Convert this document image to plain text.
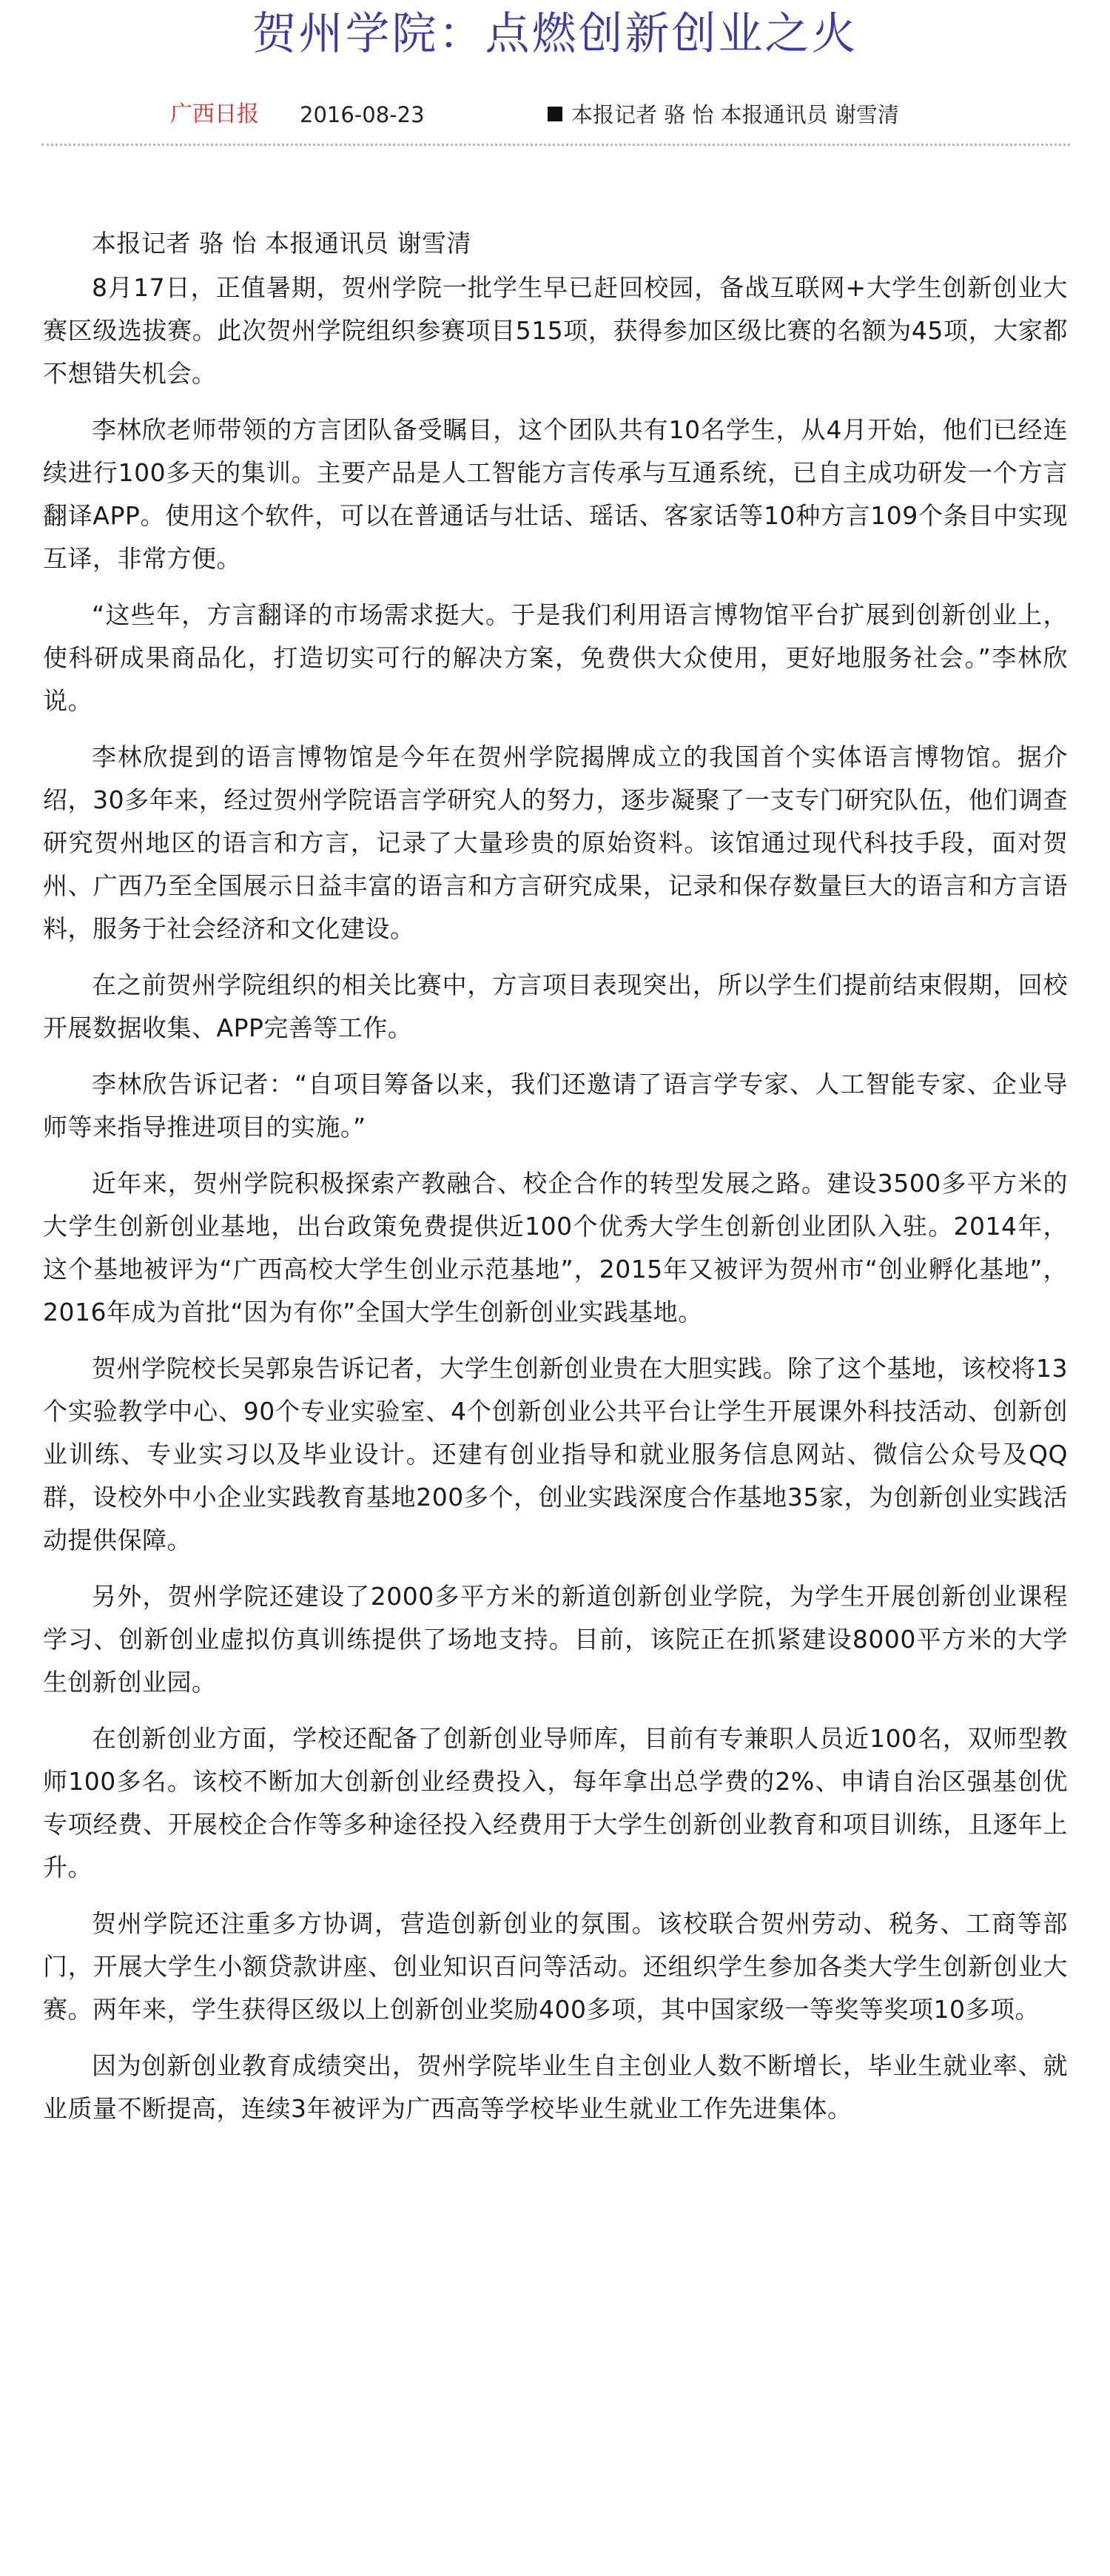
贺州学院：点燃创新创业之火
广西日报 2016-08-23	本报记者 骆 怡 本报通讯员 谢雪清

本报记者 骆 怡 本报通讯员 谢雪清

8月17日，正值暑期，贺州学院一批学生早已赶回校园，备战互联网+大学生创新创业大赛区级选拔赛。此次贺州学院组织参赛项目515项，获得参加区级比赛的名额为45项，大家都不想错失机会。

李林欣老师带领的方言团队备受瞩目，这个团队共有10名学生，从4月开始，他们已经连续进行100多天的集训。主要产品是人工智能方言传承与互通系统，已自主成功研发一个方言翻译APP。使用这个软件，可以在普通话与壮话、瑶话、客家话等10种方言109个条目中实现互译，非常方便。

“这些年，方言翻译的市场需求挺大。于是我们利用语言博物馆平台扩展到创新创业上，使科研成果商品化，打造切实可行的解决方案，免费供大众使用，更好地服务社会。”李林欣说。

李林欣提到的语言博物馆是今年在贺州学院揭牌成立的我国首个实体语言博物馆。据介绍，30多年来，经过贺州学院语言学研究人的努力，逐步凝聚了一支专门研究队伍，他们调查研究贺州地区的语言和方言，记录了大量珍贵的原始资料。该馆通过现代科技手段，面对贺州、广西乃至全国展示日益丰富的语言和方言研究成果，记录和保存数量巨大的语言和方言语料，服务于社会经济和文化建设。

在之前贺州学院组织的相关比赛中，方言项目表现突出，所以学生们提前结束假期，回校开展数据收集、APP完善等工作。

李林欣告诉记者：“自项目筹备以来，我们还邀请了语言学专家、人工智能专家、企业导师等来指导推进项目的实施。”

近年来，贺州学院积极探索产教融合、校企合作的转型发展之路。建设3500多平方米的大学生创新创业基地，出台政策免费提供近100个优秀大学生创新创业团队入驻。2014年，这个基地被评为“广西高校大学生创业示范基地”，2015年又被评为贺州市“创业孵化基地”，2016年成为首批“因为有你”全国大学生创新创业实践基地。

贺州学院校长吴郭泉告诉记者，大学生创新创业贵在大胆实践。除了这个基地，该校将13个实验教学中心、90个专业实验室、4个创新创业公共平台让学生开展课外科技活动、创新创业训练、专业实习以及毕业设计。还建有创业指导和就业服务信息网站、微信公众号及QQ群，设校外中小企业实践教育基地200多个，创业实践深度合作基地35家，为创新创业实践活动提供保障。

另外，贺州学院还建设了2000多平方米的新道创新创业学院，为学生开展创新创业课程学习、创新创业虚拟仿真训练提供了场地支持。目前，该院正在抓紧建设8000平方米的大学生创新创业园。

在创新创业方面，学校还配备了创新创业导师库，目前有专兼职人员近100名，双师型教师100多名。该校不断加大创新创业经费投入，每年拿出总学费的2%、申请自治区强基创优专项经费、开展校企合作等多种途径投入经费用于大学生创新创业教育和项目训练，且逐年上升。

贺州学院还注重多方协调，营造创新创业的氛围。该校联合贺州劳动、税务、工商等部门，开展大学生小额贷款讲座、创业知识百问等活动。还组织学生参加各类大学生创新创业大赛。两年来，学生获得区级以上创新创业奖励400多项，其中国家级一等奖等奖项10多项。

因为创新创业教育成绩突出，贺州学院毕业生自主创业人数不断增长，毕业生就业率、就业质量不断提高，连续3年被评为广西高等学校毕业生就业工作先进集体。
